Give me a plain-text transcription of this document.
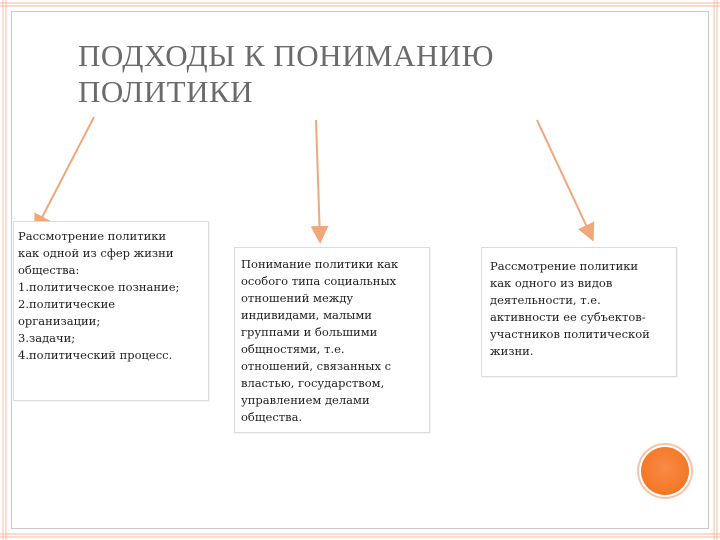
ПОДХОДЫ К ПОНИМАНИЮ
ПОЛИТИКИ
Рассмотрение политики
как одной из сфер жизни
общества:
1.политическое познание;
2.политические
организации;
3.задачи;
4.политический процесс.
Понимание политики как
особого типа социальных
отношений между
индивидами, малыми
группами и большими
общностями, т.е.
отношений, связанных с
властью, государством,
управлением делами
общества.
Рассмотрение политики
как одного из видов
деятельности, т.е.
активности ее субъектов-
участников политической
жизни.
